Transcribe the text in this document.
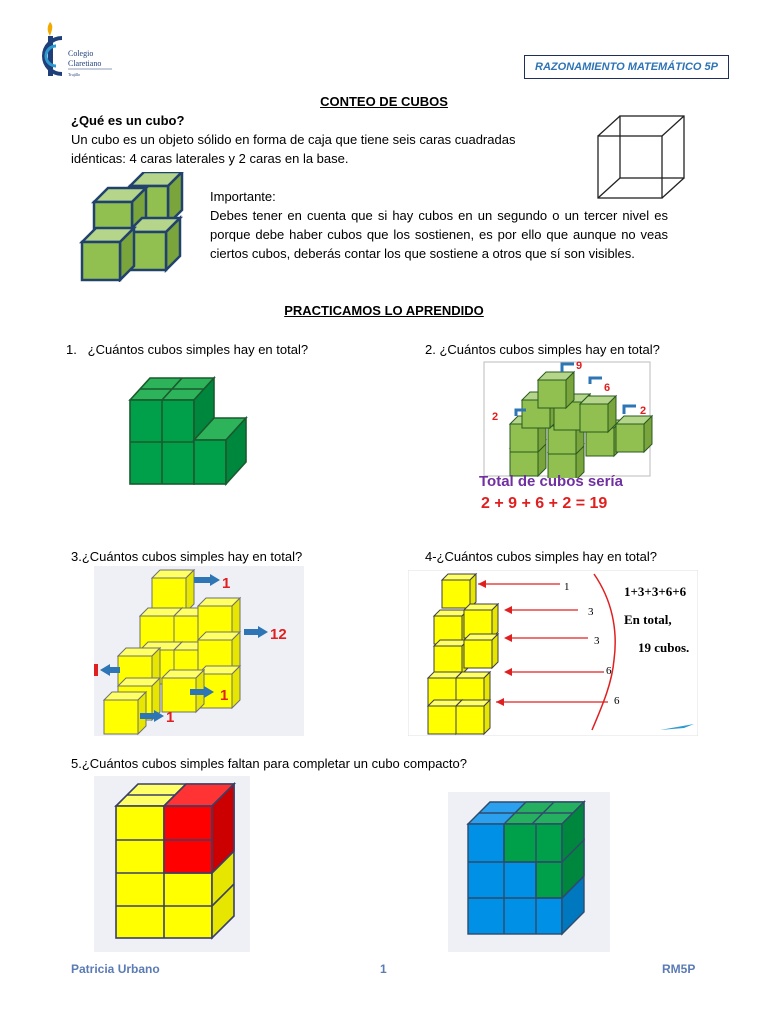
Colegio
Claretiano
Trujillo
RAZONAMIENTO MATEMÁTICO 5P
CONTEO DE CUBOS
¿Qué es un cubo?
Un cubo es un objeto sólido en forma de caja que tiene seis caras cuadradas idénticas: 4 caras laterales y 2 caras en la base.
Importante:
Debes tener en cuenta que si hay cubos en un segundo o un tercer nivel es porque debe haber cubos que los sostienen, es por ello que aunque no veas ciertos cubos, deberás contar los que sostiene a otros que sí son visibles.
PRACTICAMOS LO APRENDIDO
1.   ¿Cuántos cubos simples hay en total?	2. ¿Cuántos cubos simples hay en total?
3.¿Cuántos cubos simples hay en total?	4-¿Cuántos cubos simples hay en total?
5.¿Cuántos cubos simples faltan para completar un cubo compacto?
9
6
2	2
Total de cubos sería
2 + 9 + 6 + 2 = 19
1
12
1
1
1
3
3
6
6
1+3+3+6+6
En total,
19 cubos.
Patricia Urbano	1	RM5P
